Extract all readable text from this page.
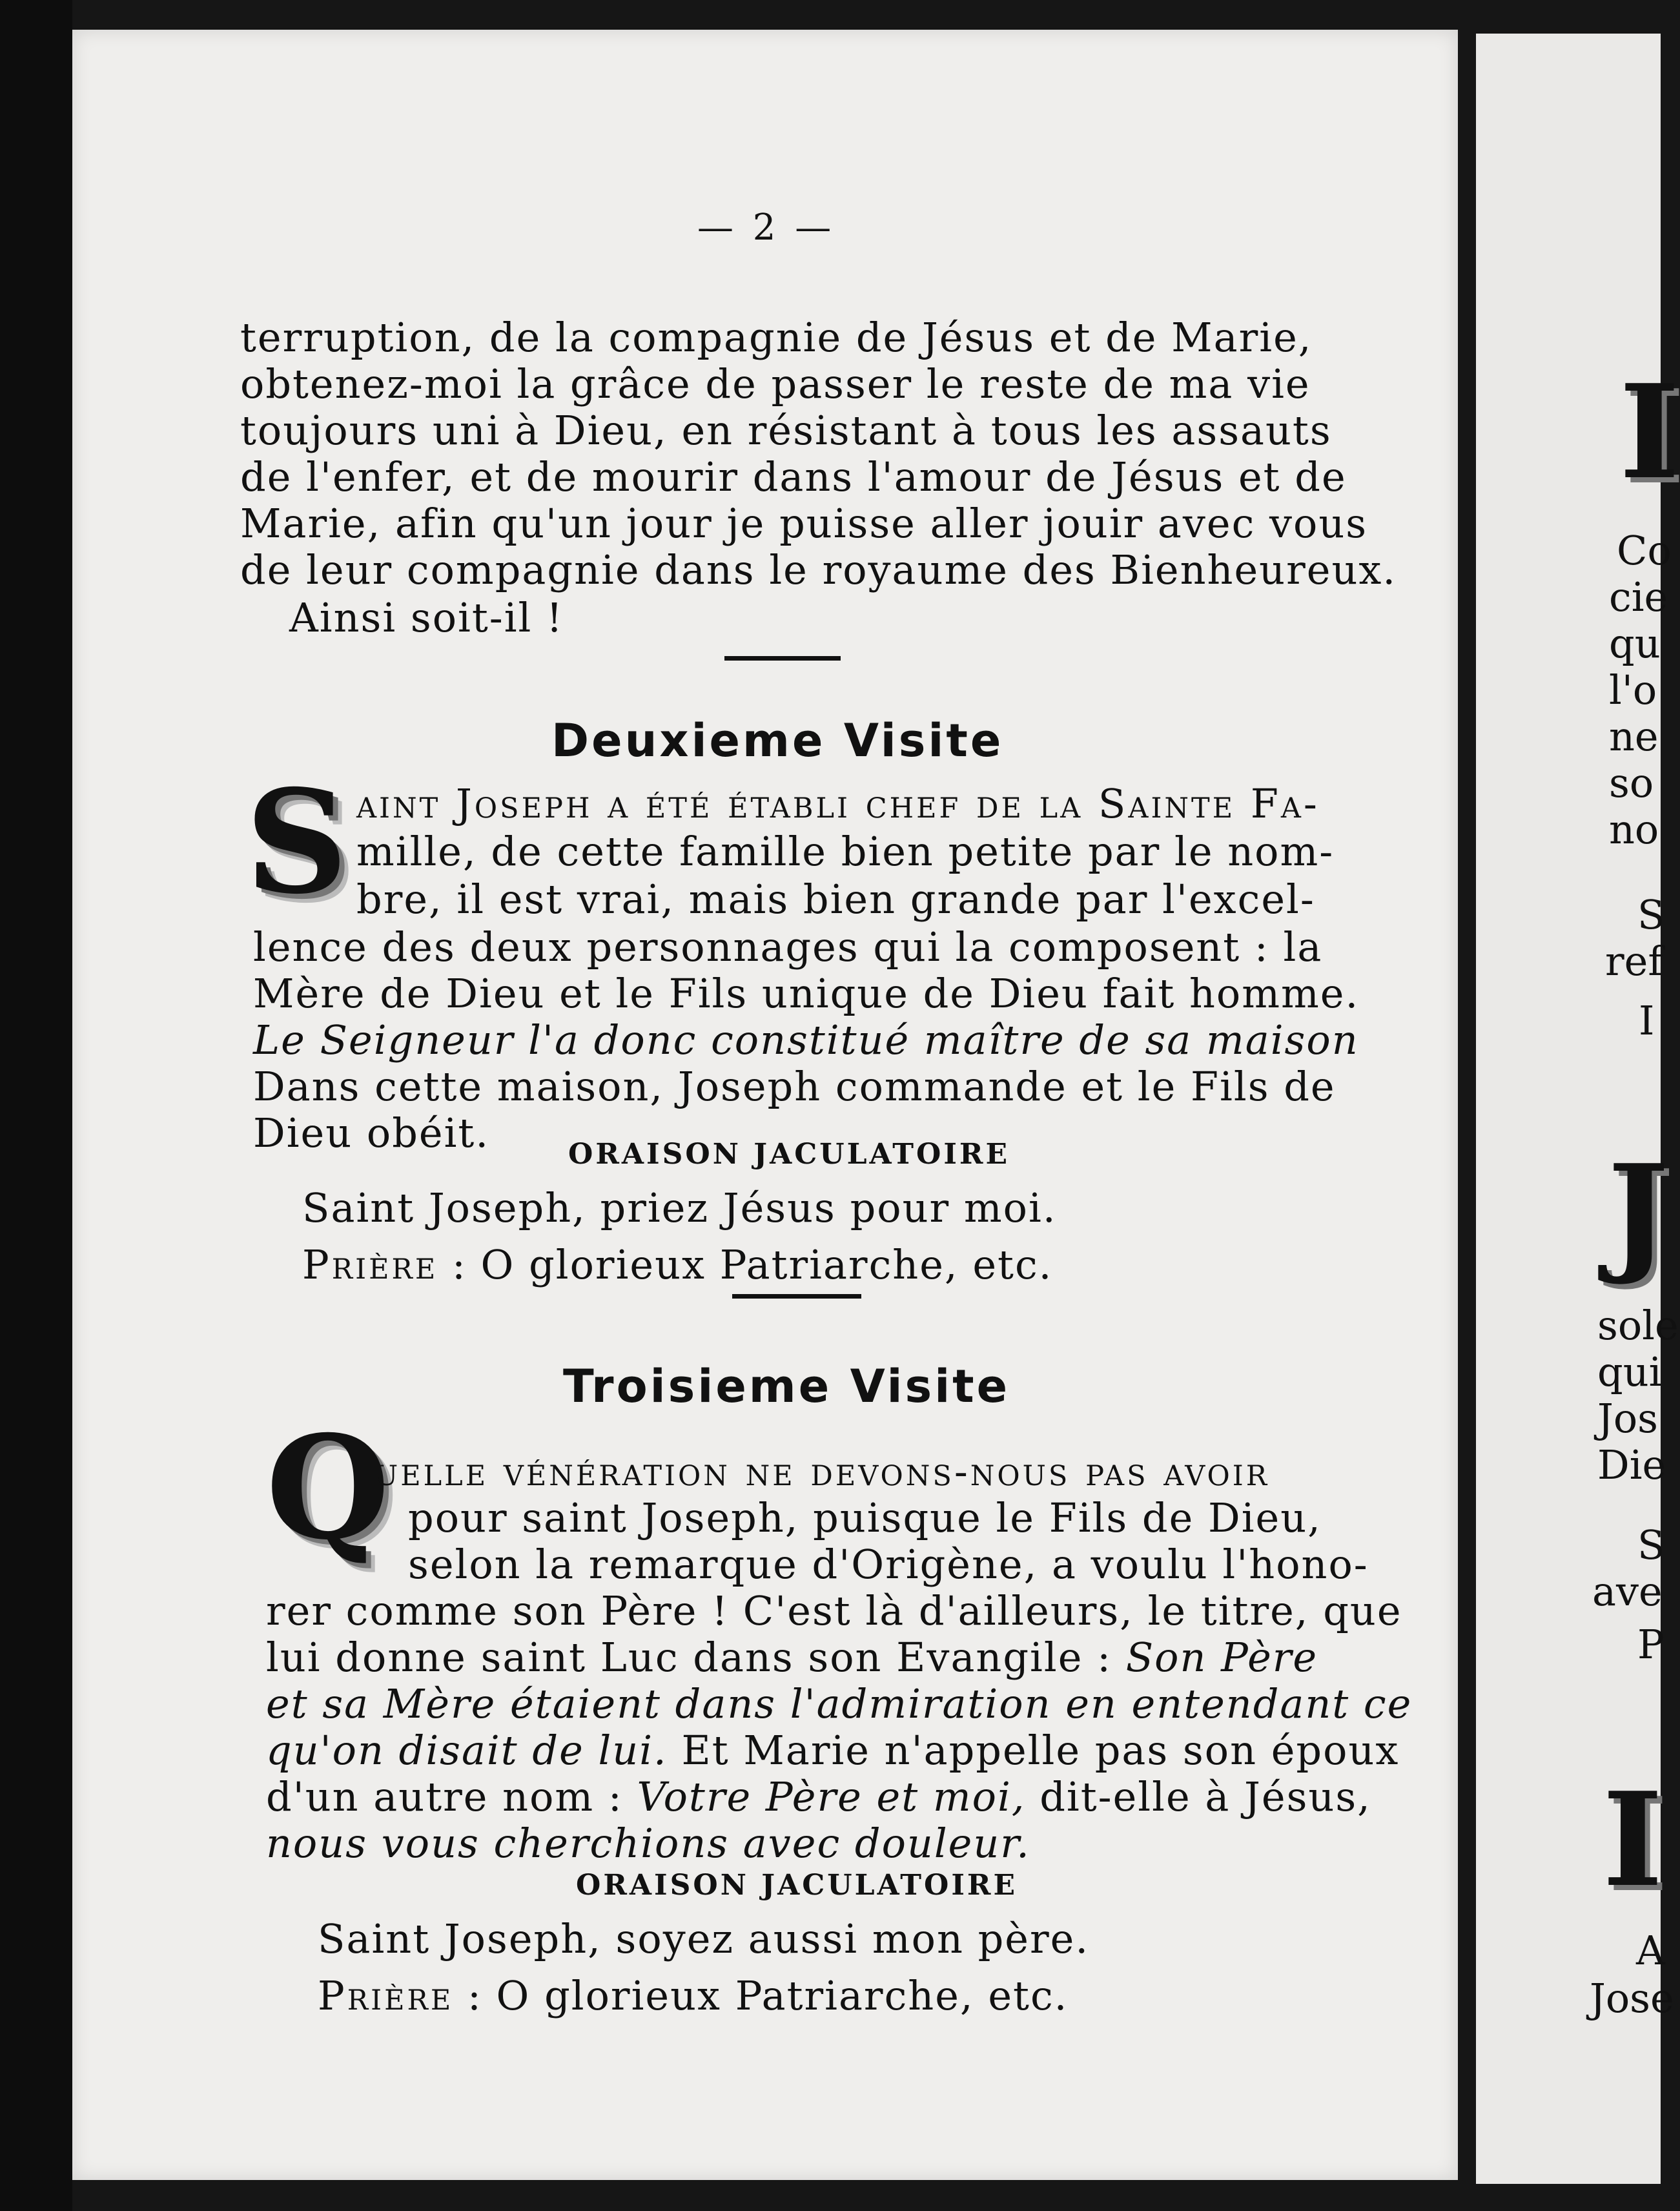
— 2 —
terruption, de la compagnie de Jésus et de Marie,
obtenez-moi la grâce de passer le reste de ma vie
toujours uni à Dieu, en résistant à tous les assauts
de l'enfer, et de mourir dans l'amour de Jésus et de
Marie, afin qu'un jour je puisse aller jouir avec vous
de leur compagnie dans le royaume des Bienheureux.
Ainsi soit-il !
Deuxieme Visite
S aint Joseph a été établi chef de la Sainte Fa-
mille, de cette famille bien petite par le nom-
bre, il est vrai, mais bien grande par l'excel-
lence des deux personnages qui la composent : la
Mère de Dieu et le Fils unique de Dieu fait homme.
Le Seigneur l'a donc constitué maître de sa maison
Dans cette maison, Joseph commande et le Fils de
Dieu obéit.	ORAISON JACULATOIRE
Saint Joseph, priez Jésus pour moi.
Prière : O glorieux Patriarche, etc.
Troisieme Visite
Q
uelle vénération ne devons-nous pas avoir
pour saint Joseph, puisque le Fils de Dieu,
selon la remarque d'Origène, a voulu l'hono-
rer comme son Père ! C'est là d'ailleurs, le titre, que
lui donne saint Luc dans son Evangile : Son Père
et sa Mère étaient dans l'admiration en entendant ce
qu'on disait de lui. Et Marie n'appelle pas son époux
d'un autre nom : Votre Père et moi, dit-elle à Jésus,
nous vous cherchions avec douleur.
ORAISON JACULATOIRE
Saint Joseph, soyez aussi mon père.
Prière : O glorieux Patriarche, etc.
I
Co
cie
qu
l'o
ne
so
no
S
ref
I
J
sole
qui
Jos
Die
S
ave
P
I
A
Jose
